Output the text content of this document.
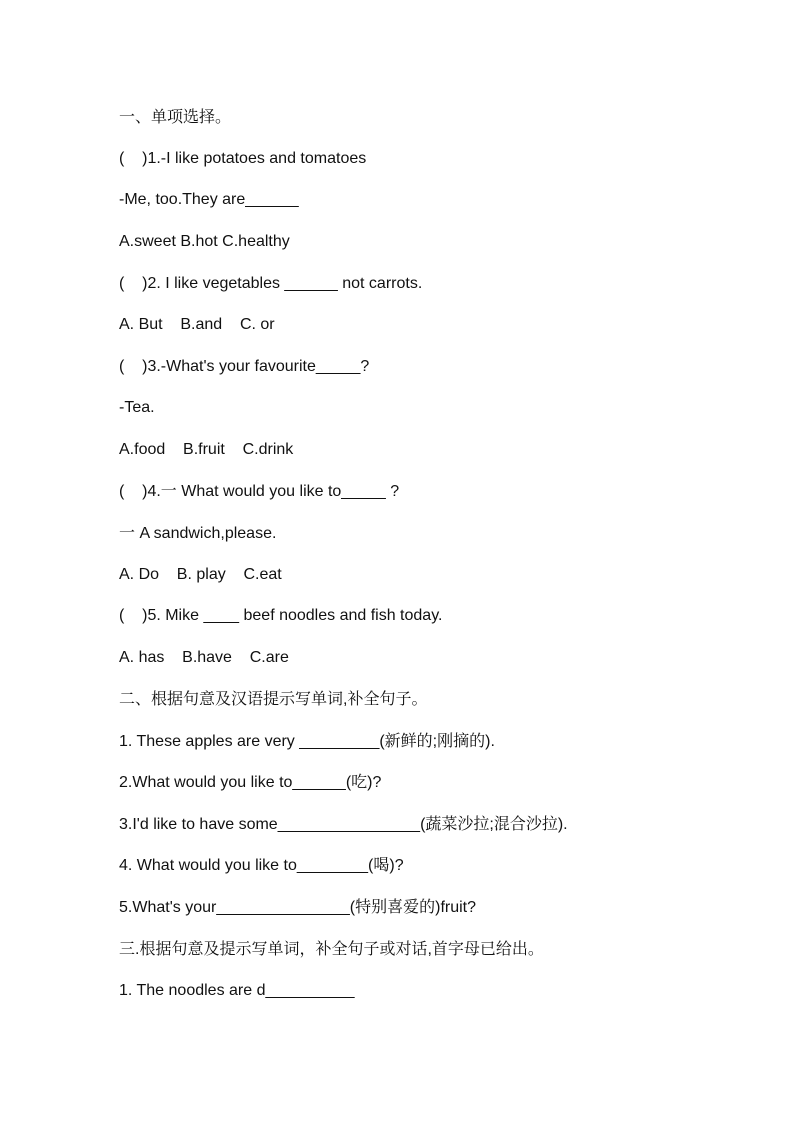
一、单项选择。
(    )1.-I like potatoes and tomatoes
-Me, too.They are______
A.sweet B.hot C.healthy
(    )2. I like vegetables ______ not carrots.
A. But    B.and    C. or
(    )3.-What's your favourite_____?
-Tea.
A.food    B.fruit    C.drink
(    )4.一 What would you like to_____ ?
一 A sandwich,please.
A. Do    B. play    C.eat
(    )5. Mike ____ beef noodles and fish today.
A. has    B.have    C.are
二、根据句意及汉语提示写单词,补全句子。
1. These apples are very _________(新鲜的;刚摘的).
2.What would you like to______(吃)?
3.I'd like to have some________________(蔬菜沙拉;混合沙拉).
4. What would you like to________(喝)?
5.What's your_______________(特别喜爱的)fruit?
三.根据句意及提示写单词，补全句子或对话,首字母已给出。
1. The noodles are d__________
